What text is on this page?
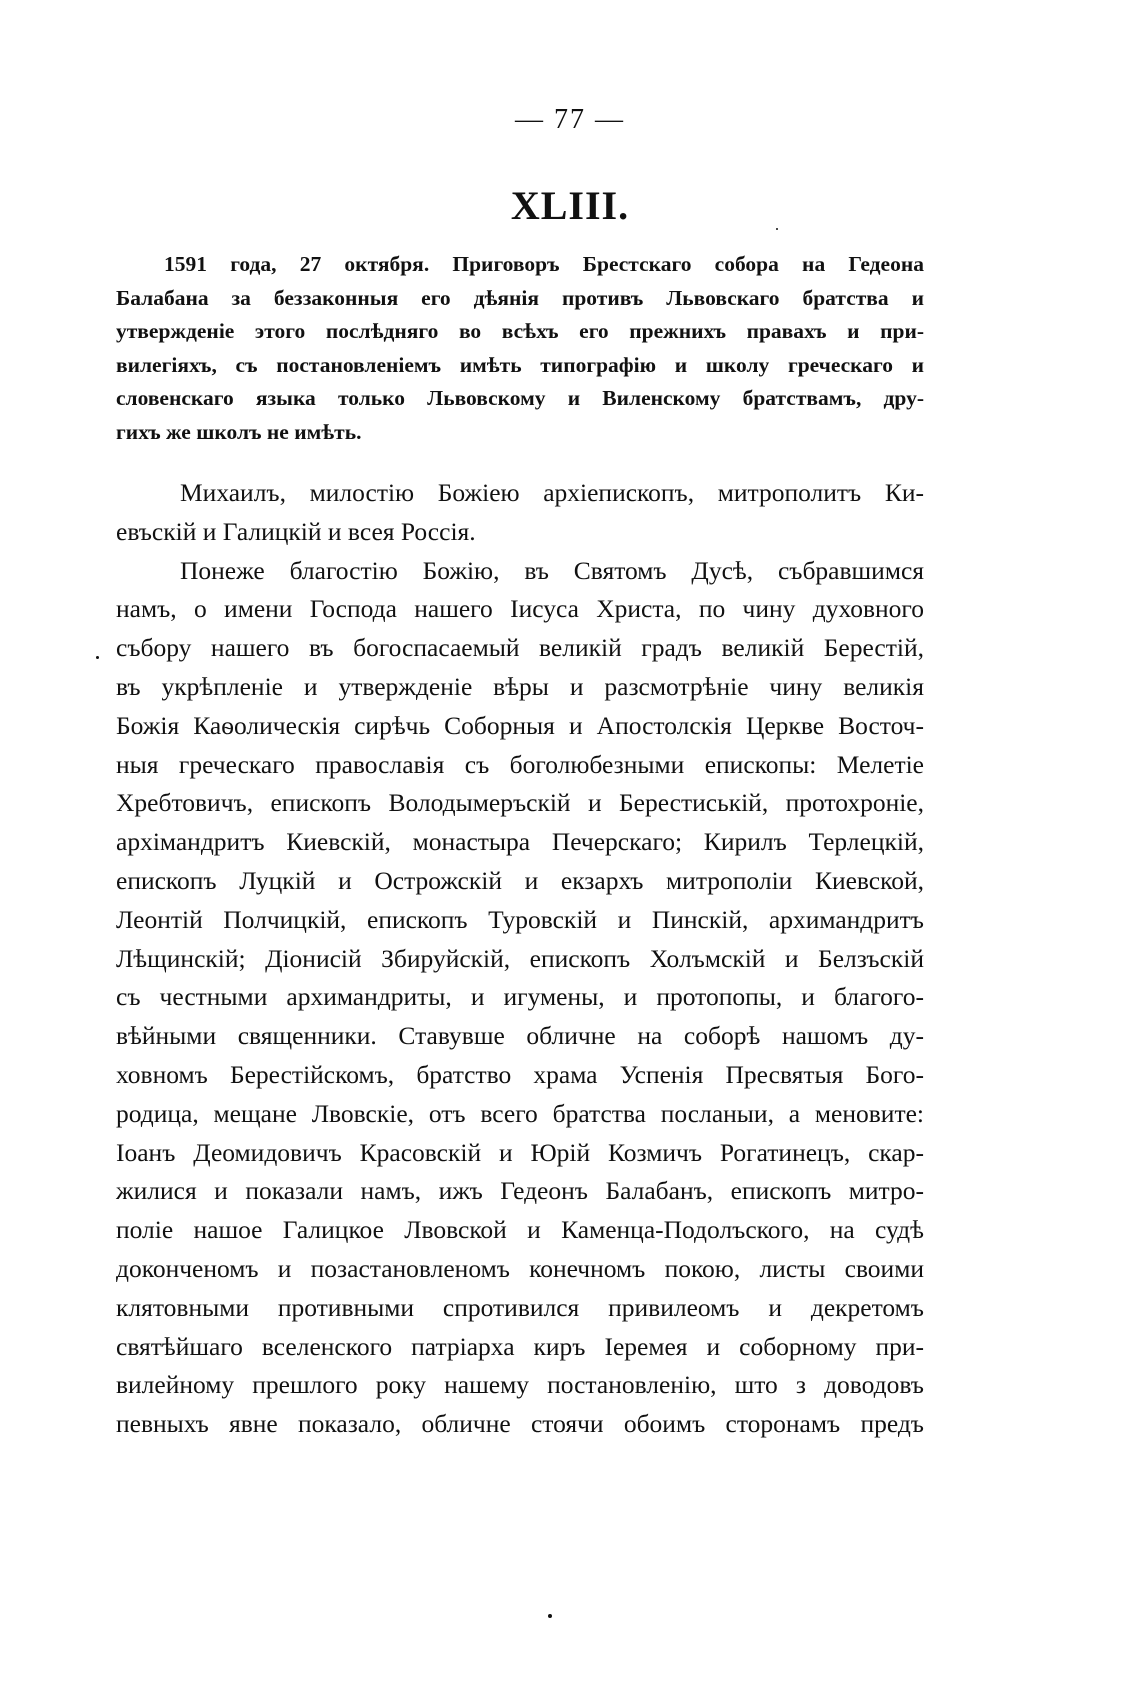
— 77 —
XLIII.

1591 года, 27 октября. Приговоръ Брестскаго собора на Гедеона
Балабана за беззаконныя его дѣянія противъ Львовскаго братства и
утвержденіе этого послѣдняго во всѣхъ его прежнихъ правахъ и при-
вилегіяхъ, съ постановленіемъ имѣть типографію и школу греческаго и
словенскаго языка только Львовскому и Виленскому братствамъ, дру-
гихъ же школъ не имѣть.

Михаилъ, милостію Божіею архіепископъ, митрополитъ Ки-
евъскій и Галицкій и всея Россія.

Понеже благостію Божію, въ Святомъ Дусѣ, събравшимся
намъ, о имени Господа нашего Іисуса Христа, по чину духовного
събору нашего въ богоспасаемый великій градъ великій Берестій,
въ укрѣпленіе и утвержденіе вѣры и разсмотрѣніе чину великія
Божія Каѳолическія сирѣчь Соборныя и Апостолскія Церкве Восточ-
ныя греческаго православія съ боголюбезными епископы: Мелетіе
Хребтовичъ, епископъ Володымеръскій и Берестиській, протохроніе,
архімандритъ Киевскій, монастыра Печерскаго; Кирилъ Терлецкій,
епископъ Луцкій и Острожскій и екзархъ митрополіи Киевской,
Леонтій Полчицкій, епископъ Туровскій и Пинскій, архимандритъ
Лѣщинскій; Діонисій Збируйскій, епископъ Холъмскій и Белзъскій
съ честными архимандриты, и игумены, и протопопы, и благого-
вѣйными священники. Ставувше обличне на соборѣ нашомъ ду-
ховномъ Берестійскомъ, братство храма Успенія Пресвятыя Бого-
родица, мещане Лвовскіе, отъ всего братства посланыи, а меновите:
Іоанъ Деомидовичъ Красовскій и Юрій Козмичъ Рогатинецъ, скар-
жилися и показали намъ, ижъ Гедеонъ Балабанъ, епископъ митро-
поліе нашое Галицкое Лвовской и Каменца-Подолъского, на судѣ
доконченомъ и позастановленомъ конечномъ покою, листы своими
клятовными противными спротивился привилеомъ и декретомъ
святѣйшаго вселенского патріарха киръ Іеремея и соборному при-
вилейному прешлого року нашему постановленію, што з доводовъ
певныхъ явне показало, обличне стоячи обоимъ сторонамъ предъ
